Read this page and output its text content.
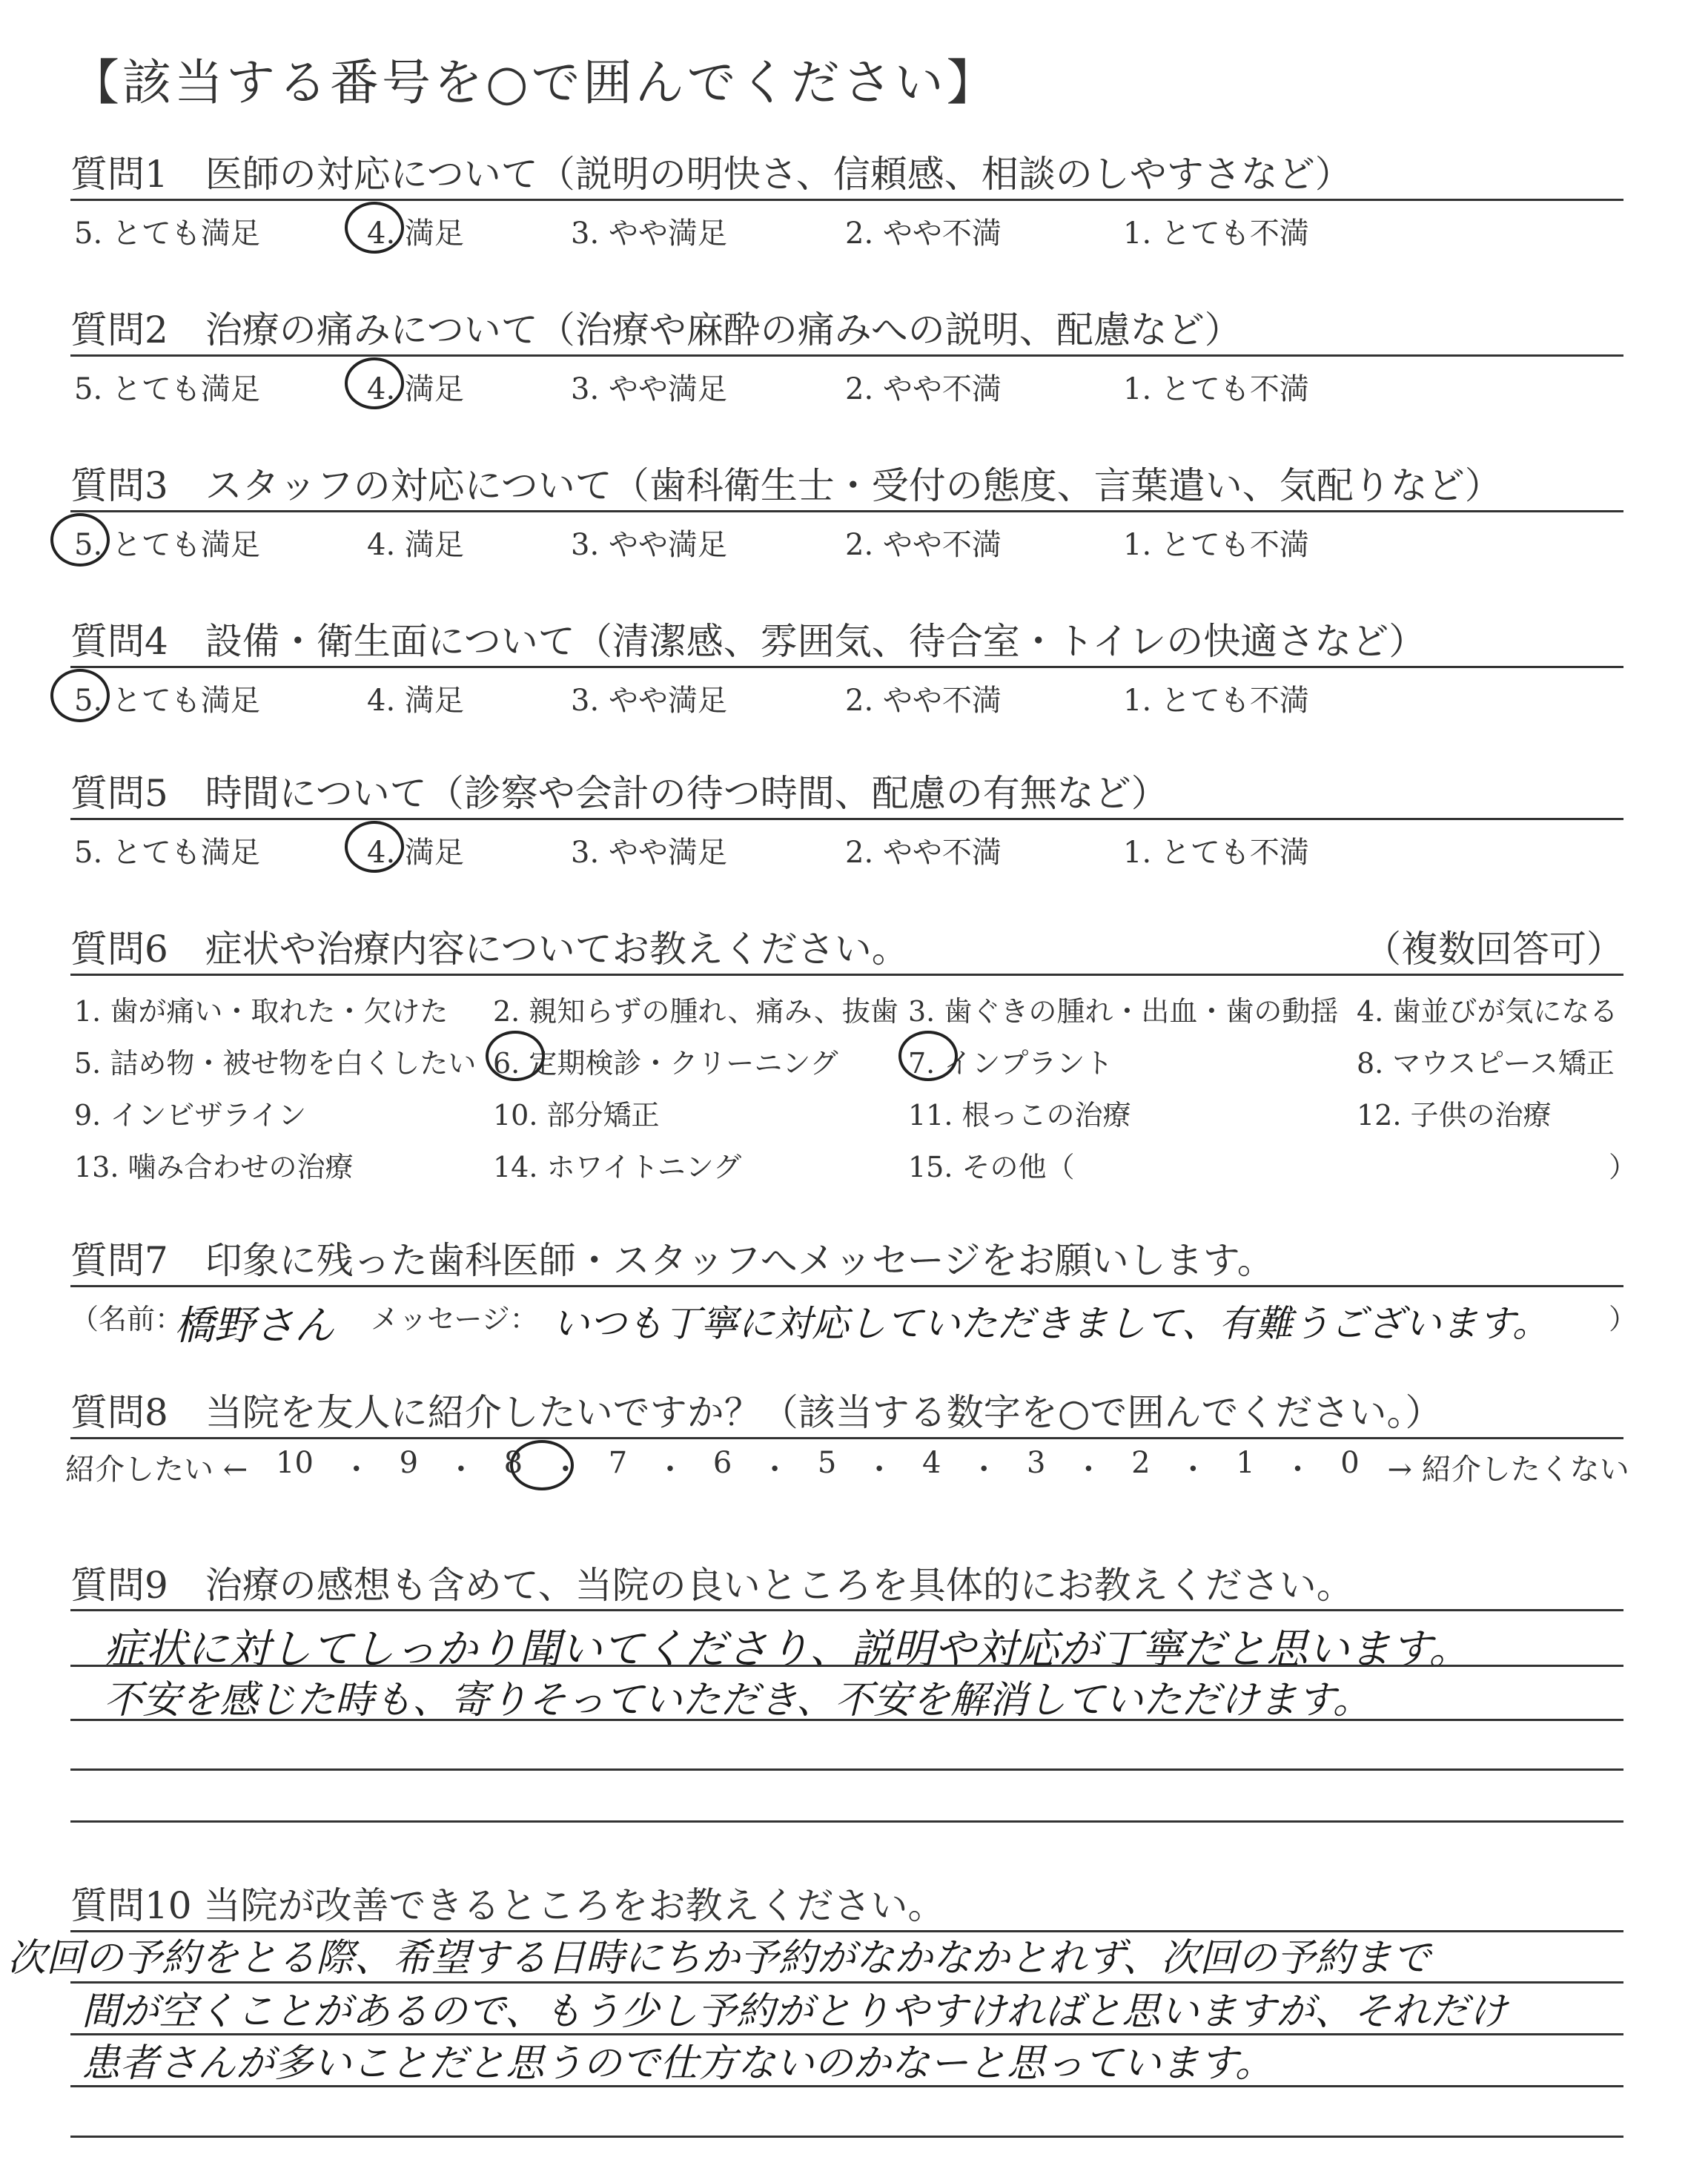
【該当する番号を○で囲んでください】
質問1　医師の対応について（説明の明快さ、信頼感、相談のしやすさなど）
5. とても満足	4. 満足	3. やや満足	2. やや不満	1. とても不満
質問2　治療の痛みについて（治療や麻酔の痛みへの説明、配慮など）
5. とても満足	4. 満足	3. やや満足	2. やや不満	1. とても不満
質問3　スタッフの対応について（歯科衛生士・受付の態度、言葉遣い、気配りなど）
5. とても満足	4. 満足	3. やや満足	2. やや不満	1. とても不満
質問4　設備・衛生面について（清潔感、雰囲気、待合室・トイレの快適さなど）
5. とても満足	4. 満足	3. やや満足	2. やや不満	1. とても不満
質問5　時間について（診察や会計の待つ時間、配慮の有無など）
5. とても満足	4. 満足	3. やや満足	2. やや不満	1. とても不満
質問6　症状や治療内容についてお教えください。	（複数回答可）
1. 歯が痛い・取れた・欠けた 2. 親知らずの腫れ、痛み、抜歯 3. 歯ぐきの腫れ・出血・歯の動揺 4. 歯並びが気になる
5. 詰め物・被せ物を白くしたい 6. 定期検診・クリーニング 7. インプラント	8. マウスピース矯正
9. インビザライン	10. 部分矯正	11. 根っこの治療	12. 子供の治療
13. 噛み合わせの治療	14. ホワイトニング	15. その他（	）
質問7　印象に残った歯科医師・スタッフへメッセージをお願いします。
（名前：
橋野さん メッセージ： いつも丁寧に対応していただきまして、有難うございます。 ）
質問8　当院を友人に紹介したいですか？（該当する数字を○で囲んでください。）
紹介したい ← 10 ・ 9 ・ 8 ・ 7 ・ 6 ・ 5 ・ 4 ・ 3 ・ 2 ・ 1 ・ 0 → 紹介したくない
質問9　治療の感想も含めて、当院の良いところを具体的にお教えください。
症状に対してしっかり聞いてくださり、説明や対応が丁寧だと思います。
不安を感じた時も、寄りそっていただき、不安を解消していただけます。
質問10 当院が改善できるところをお教えください。
次回の予約をとる際、希望する日時にちか予約がなかなかとれず、次回の予約まで
間が空くことがあるので、もう少し予約がとりやすければと思いますが、それだけ
患者さんが多いことだと思うので仕方ないのかなーと思っています。
